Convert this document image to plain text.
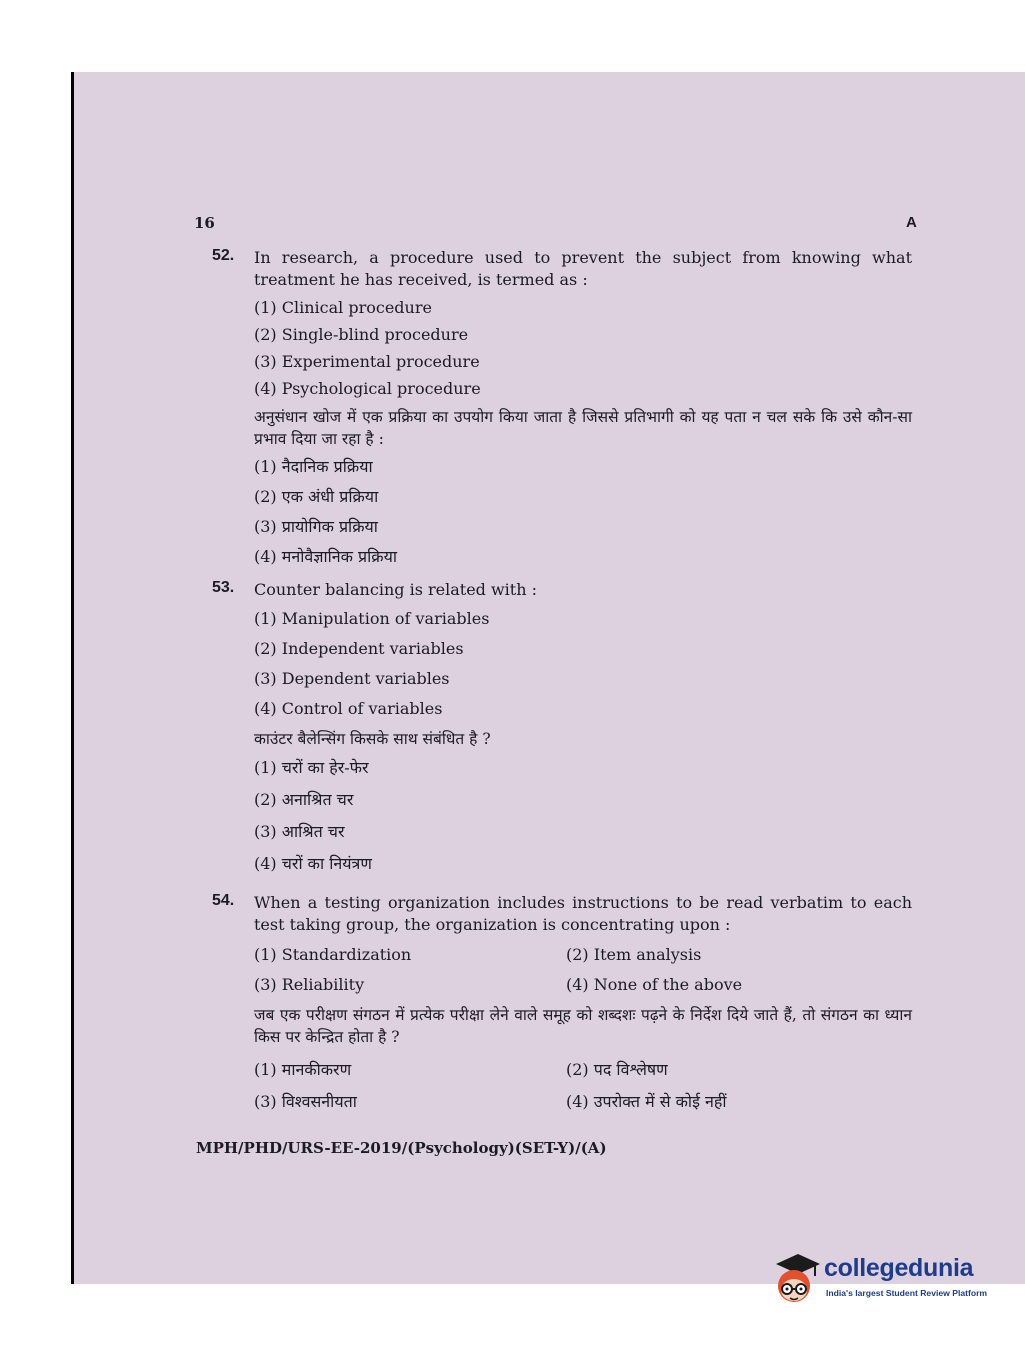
16	A
52. In research, a procedure used to prevent the subject from knowing what treatment he has received, is termed as :
(1) Clinical procedure
(2) Single-blind procedure
(3) Experimental procedure
(4) Psychological procedure
अनुसंधान खोज में एक प्रक्रिया का उपयोग किया जाता है जिससे प्रतिभागी को यह पता न चल सके कि उसे कौन-सा प्रभाव दिया जा रहा है :
(1) नैदानिक प्रक्रिया
(2) एक अंधी प्रक्रिया
(3) प्रायोगिक प्रक्रिया
(4) मनोवैज्ञानिक प्रक्रिया
53. Counter balancing is related with :
(1) Manipulation of variables
(2) Independent variables
(3) Dependent variables
(4) Control of variables
काउंटर बैलेन्सिंग किसके साथ संबंधित है ?
(1) चरों का हेर-फेर
(2) अनाश्रित चर
(3) आश्रित चर
(4) चरों का नियंत्रण
54. When a testing organization includes instructions to be read verbatim to each test taking group, the organization is concentrating upon :
(1) Standardization	(2) Item analysis
(3) Reliability	(4) None of the above
जब एक परीक्षण संगठन में प्रत्येक परीक्षा लेने वाले समूह को शब्दशः पढ़ने के निर्देश दिये जाते हैं, तो संगठन का ध्यान किस पर केन्द्रित होता है ?
(1) मानकीकरण	(2) पद विश्लेषण
(3) विश्वसनीयता	(4) उपरोक्त में से कोई नहीं
MPH/PHD/URS-EE-2019/(Psychology)(SET-Y)/(A)
collegedunia
India's largest Student Review Platform
